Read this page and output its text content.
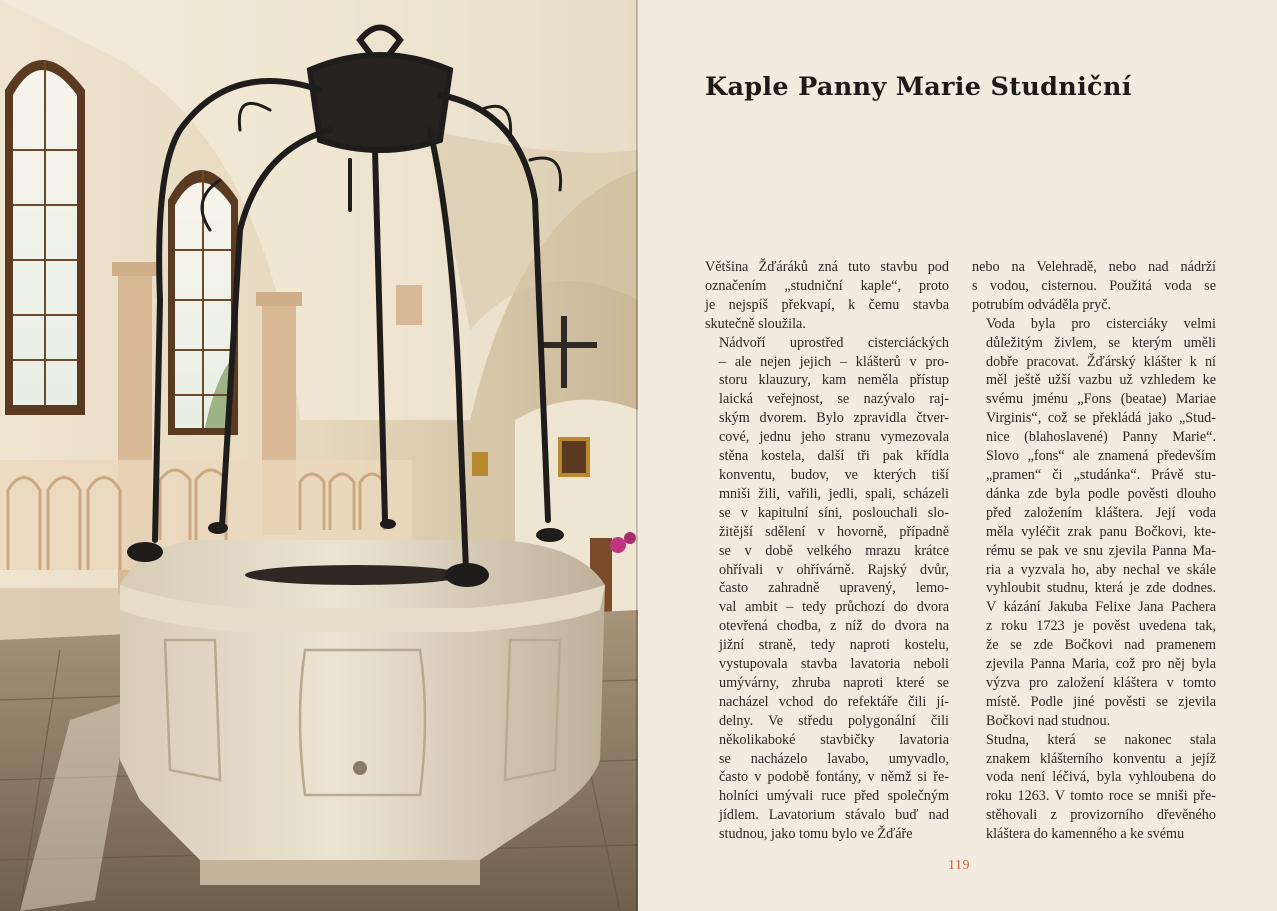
Kaple Panny Marie Studniční

Většina Žďáráků zná tuto stavbu pod
označením „studniční kaple“, proto
je nejspíš překvapí, k čemu stavba
skutečně sloužila.

Nádvoří uprostřed cisterciáckých
– ale nejen jejich – klášterů v pro-
storu klauzury, kam neměla přístup
laická veřejnost, se nazývalo raj-
ským dvorem. Bylo zpravidla čtver-
cové, jednu jeho stranu vymezovala
stěna kostela, další tři pak křídla
konventu, budov, ve kterých tiší
mniši žili, vařili, jedli, spali, scházeli
se v kapitulní síni, poslouchali slo-
žitější sdělení v hovorně, případně
se v době velkého mrazu krátce
ohřívali v ohřívárně. Rajský dvůr,
často zahradně upravený, lemo-
val ambit – tedy průchozí do dvora
otevřená chodba, z níž do dvora na
jižní straně, tedy naproti kostelu,
vystupovala stavba lavatoria neboli
umývárny, zhruba naproti které se
nacházel vchod do refektáře čili jí-
delny. Ve středu polygonální čili
několikaboké stavbičky lavatoria
se nacházelo lavabo, umyvadlo,
často v podobě fontány, v němž si ře-
holníci umývali ruce před společným
jídlem. Lavatorium stávalo buď nad
studnou, jako tomu bylo ve Žďáře

nebo na Velehradě, nebo nad nádrží
s vodou, cisternou. Použitá voda se
potrubím odváděla pryč.

Voda byla pro cisterciáky velmi
důležitým živlem, se kterým uměli
dobře pracovat. Žďárský klášter k ní
měl ještě užší vazbu už vzhledem ke
svému jménu „Fons (beatae) Mariae
Virginis“, což se překládá jako „Stud-
nice (blahoslavené) Panny Marie“.
Slovo „fons“ ale znamená především
„pramen“ či „studánka“. Právě stu-
dánka zde byla podle pověsti dlouho
před založením kláštera. Její voda
měla vyléčit zrak panu Bočkovi, kte-
rému se pak ve snu zjevila Panna Ma-
ria a vyzvala ho, aby nechal ve skále
vyhloubit studnu, která je zde dodnes.
V kázání Jakuba Felixe Jana Pachera
z roku 1723 je pověst uvedena tak,
že se zde Bočkovi nad pramenem
zjevila Panna Maria, což pro něj byla
výzva pro založení kláštera v tomto
místě. Podle jiné pověsti se zjevila
Bočkovi nad studnou.

Studna, která se nakonec stala
znakem klášterního konventu a jejíž
voda není léčivá, byla vyhloubena do
roku 1263. V tomto roce se mniši pře-
stěhovali z provizorního dřevěného
kláštera do kamenného a ke svému

119
